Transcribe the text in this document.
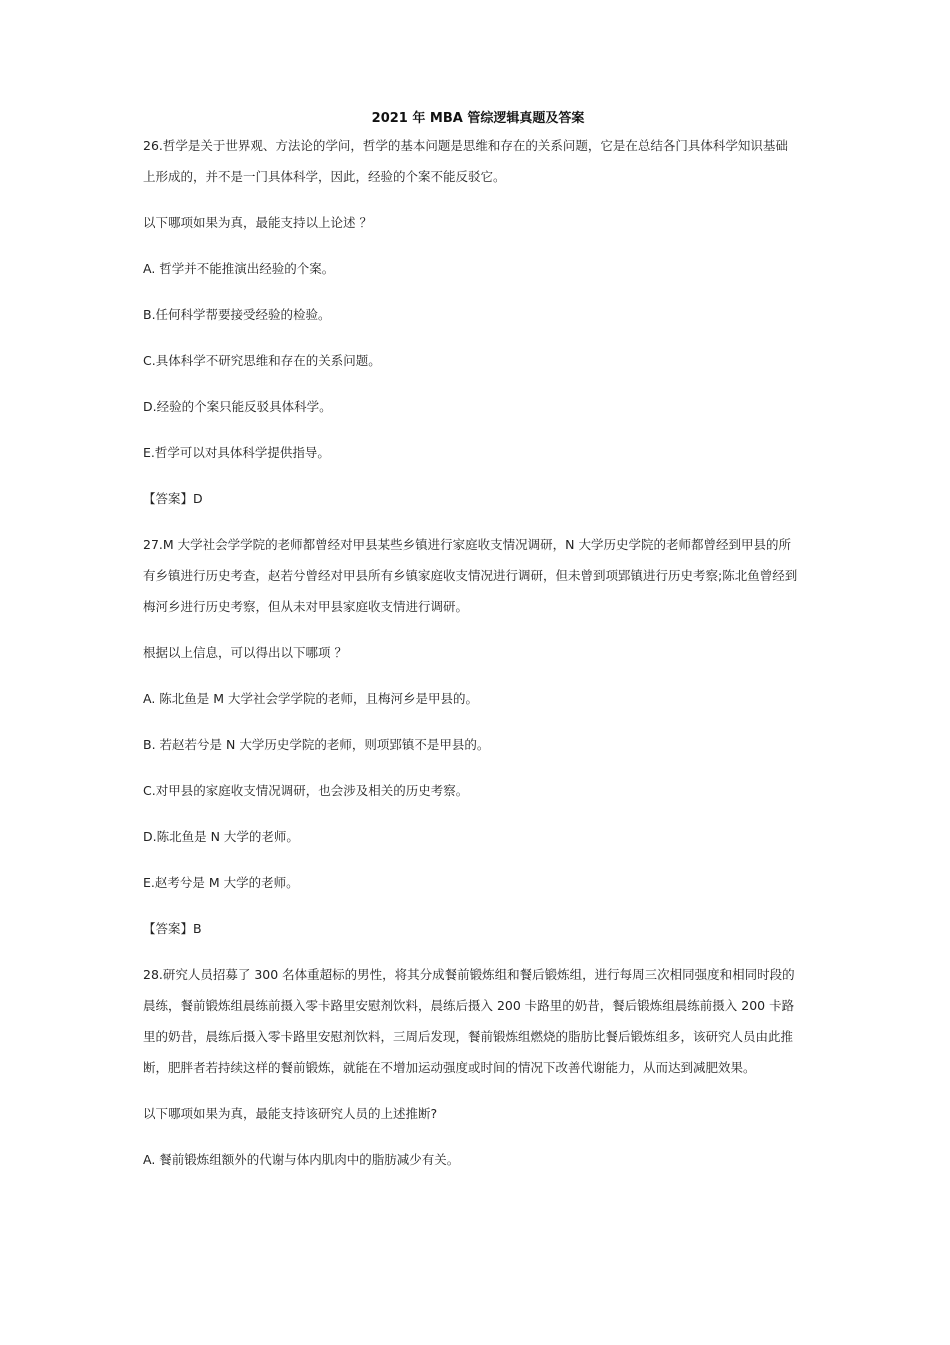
2021 年 MBA 管综逻辑真题及答案

26.哲学是关于世界观、方法论的学问，哲学的基本问题是思维和存在的关系问题，它是在总结各门具体科学知识基础

上形成的，并不是一门具体科学，因此，经验的个案不能反驳它。

以下哪项如果为真，最能支持以上论述 ？

A. 哲学并不能推演出经验的个案。

B.任何科学帮要接受经验的检验。

C.具体科学不研究思维和存在的关系问题。

D.经验的个案只能反驳具体科学。

E.哲学可以对具体科学提供指导。

【答案】D

27.M 大学社会学学院的老师都曾经对甲县某些乡镇进行家庭收支情况调研，N 大学历史学院的老师都曾经到甲县的所

有乡镇进行历史考查，赵若兮曾经对甲县所有乡镇家庭收支情况进行调研，但未曾到项郢镇进行历史考察;陈北鱼曾经到

梅河乡进行历史考察，但从未对甲县家庭收支情进行调研。

根据以上信息，可以得出以下哪项 ？

A. 陈北鱼是 M 大学社会学学院的老师，且梅河乡是甲县的。

B. 若赵若兮是 N 大学历史学院的老师，则项郢镇不是甲县的。

C.对甲县的家庭收支情况调研，也会涉及相关的历史考察。

D.陈北鱼是 N 大学的老师。

E.赵考兮是 M 大学的老师。

【答案】B

28.研究人员招募了 300 名体重超标的男性，将其分成餐前锻炼组和餐后锻炼组，进行每周三次相同强度和相同时段的

晨练，餐前锻炼组晨练前摄入零卡路里安慰剂饮料，晨练后摄入 200 卡路里的奶昔，餐后锻炼组晨练前摄入 200 卡路

里的奶昔，晨练后摄入零卡路里安慰剂饮料，三周后发现，餐前锻炼组燃烧的脂肪比餐后锻炼组多，该研究人员由此推

断，肥胖者若持续这样的餐前锻炼，就能在不增加运动强度或时间的情况下改善代谢能力，从而达到减肥效果。

以下哪项如果为真，最能支持该研究人员的上述推断?

A. 餐前锻炼组额外的代谢与体内肌肉中的脂肪减少有关。
